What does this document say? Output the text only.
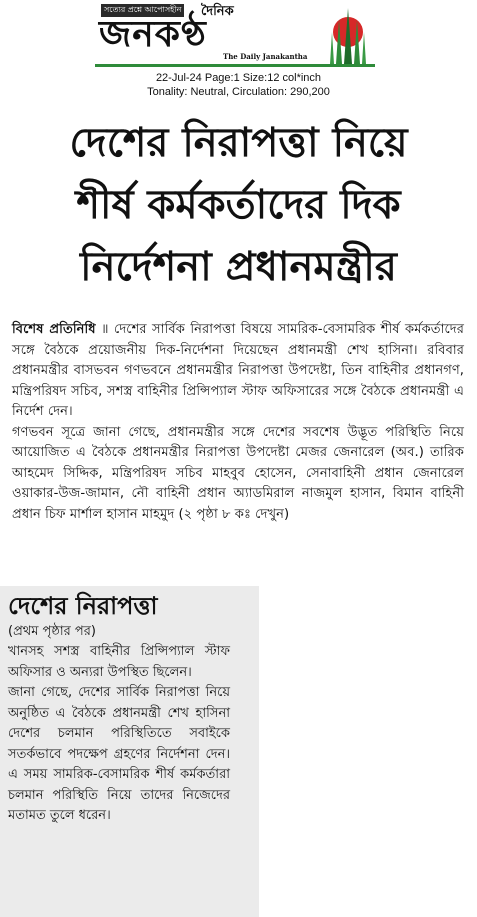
সত্যের প্রশ্নে আপোসহীন দৈনিক
জনকণ্ঠ
The Daily Janakantha
22-Jul-24 Page:1 Size:12 col*inch
Tonality: Neutral, Circulation: 290,200
দেশের নিরাপত্তা নিয়ে
শীর্ষ কর্মকর্তাদের দিক
নির্দেশনা প্রধানমন্ত্রীর

বিশেষ প্রতিনিধি ॥ দেশের সার্বিক নিরাপত্তা বিষয়ে সামরিক-বেসামরিক শীর্ষ কর্মকর্তাদের সঙ্গে বৈঠকে প্রয়োজনীয় দিক-নির্দেশনা দিয়েছেন প্রধানমন্ত্রী শেখ হাসিনা। রবিবার প্রধানমন্ত্রীর বাসভবন গণভবনে প্রধানমন্ত্রীর নিরাপত্তা উপদেষ্টা, তিন বাহিনীর প্রধানগণ, মন্ত্রিপরিষদ সচিব, সশস্ত্র বাহিনীর প্রিন্সিপ্যাল স্টাফ অফিসারের সঙ্গে বৈঠকে প্রধানমন্ত্রী এ নির্দেশ দেন।

গণভবন সূত্রে জানা গেছে, প্রধানমন্ত্রীর সঙ্গে দেশের সবশেষ উদ্ভূত পরিস্থিতি নিয়ে আয়োজিত এ বৈঠকে প্রধানমন্ত্রীর নিরাপত্তা উপদেষ্টা মেজর জেনারেল (অব.) তারিক আহমেদ সিদ্দিক, মন্ত্রিপরিষদ সচিব মাহবুব হোসেন, সেনাবাহিনী প্রধান জেনারেল ওয়াকার-উজ-জামান, নৌ বাহিনী প্রধান অ্যাডমিরাল নাজমুল হাসান, বিমান বাহিনী প্রধান চিফ মার্শাল হাসান মাহমুদ (২ পৃষ্ঠা ৮ কঃ দেখুন)

দেশের নিরাপত্তা
(প্রথম পৃষ্ঠার পর)

খানসহ সশস্ত্র বাহিনীর প্রিন্সিপ্যাল স্টাফ অফিসার ও অন্যরা উপস্থিত ছিলেন।

জানা গেছে, দেশের সার্বিক নিরাপত্তা নিয়ে অনুষ্ঠিত এ বৈঠকে প্রধানমন্ত্রী শেখ হাসিনা দেশের চলমান পরিস্থিতিতে সবাইকে সতর্কভাবে পদক্ষেপ গ্রহণের নির্দেশনা দেন। এ সময় সামরিক-বেসামরিক শীর্ষ কর্মকর্তারা চলমান পরিস্থিতি নিয়ে তাদের নিজেদের মতামত তুলে ধরেন।
